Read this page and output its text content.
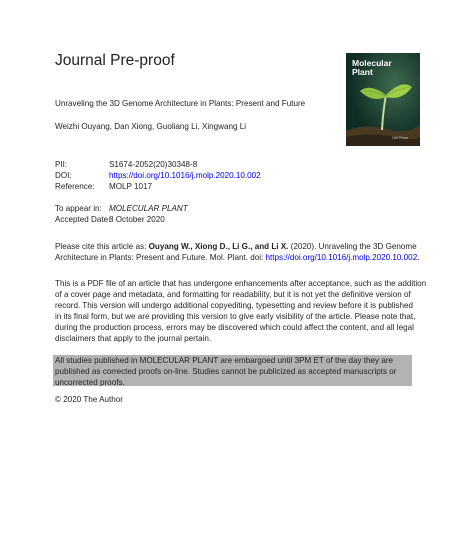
Journal Pre-proof	Molecular
Plant
Cell Press
Unraveling the 3D Genome Architecture in Plants: Present and Future
Weizhi Ouyang, Dan Xiong, Guoliang Li, Xingwang Li
PII:	S1674-2052(20)30348-8
DOI:	https://doi.org/10.1016/j.molp.2020.10.002
Reference: MOLP 1017
To appear in: MOLECULAR PLANT
Accepted Date:
8 October 2020
Please cite this article as: Ouyang W., Xiong D., Li G., and Li X. (2020). Unraveling the 3D Genome
Architecture in Plants: Present and Future. Mol. Plant. doi: https://doi.org/10.1016/j.molp.2020.10.002.
This is a PDF file of an article that has undergone enhancements after acceptance, such as the addition
of a cover page and metadata, and formatting for readability, but it is not yet the definitive version of
record. This version will undergo additional copyediting, typesetting and review before it is published
in its final form, but we are providing this version to give early visibility of the article. Please note that,
during the production process, errors may be discovered which could affect the content, and all legal
disclaimers that apply to the journal pertain.
All studies published in MOLECULAR PLANT are embargoed until 3PM ET of the day they are
published as corrected proofs on-line. Studies cannot be publicized as accepted manuscripts or
uncorrected proofs.
© 2020 The Author
